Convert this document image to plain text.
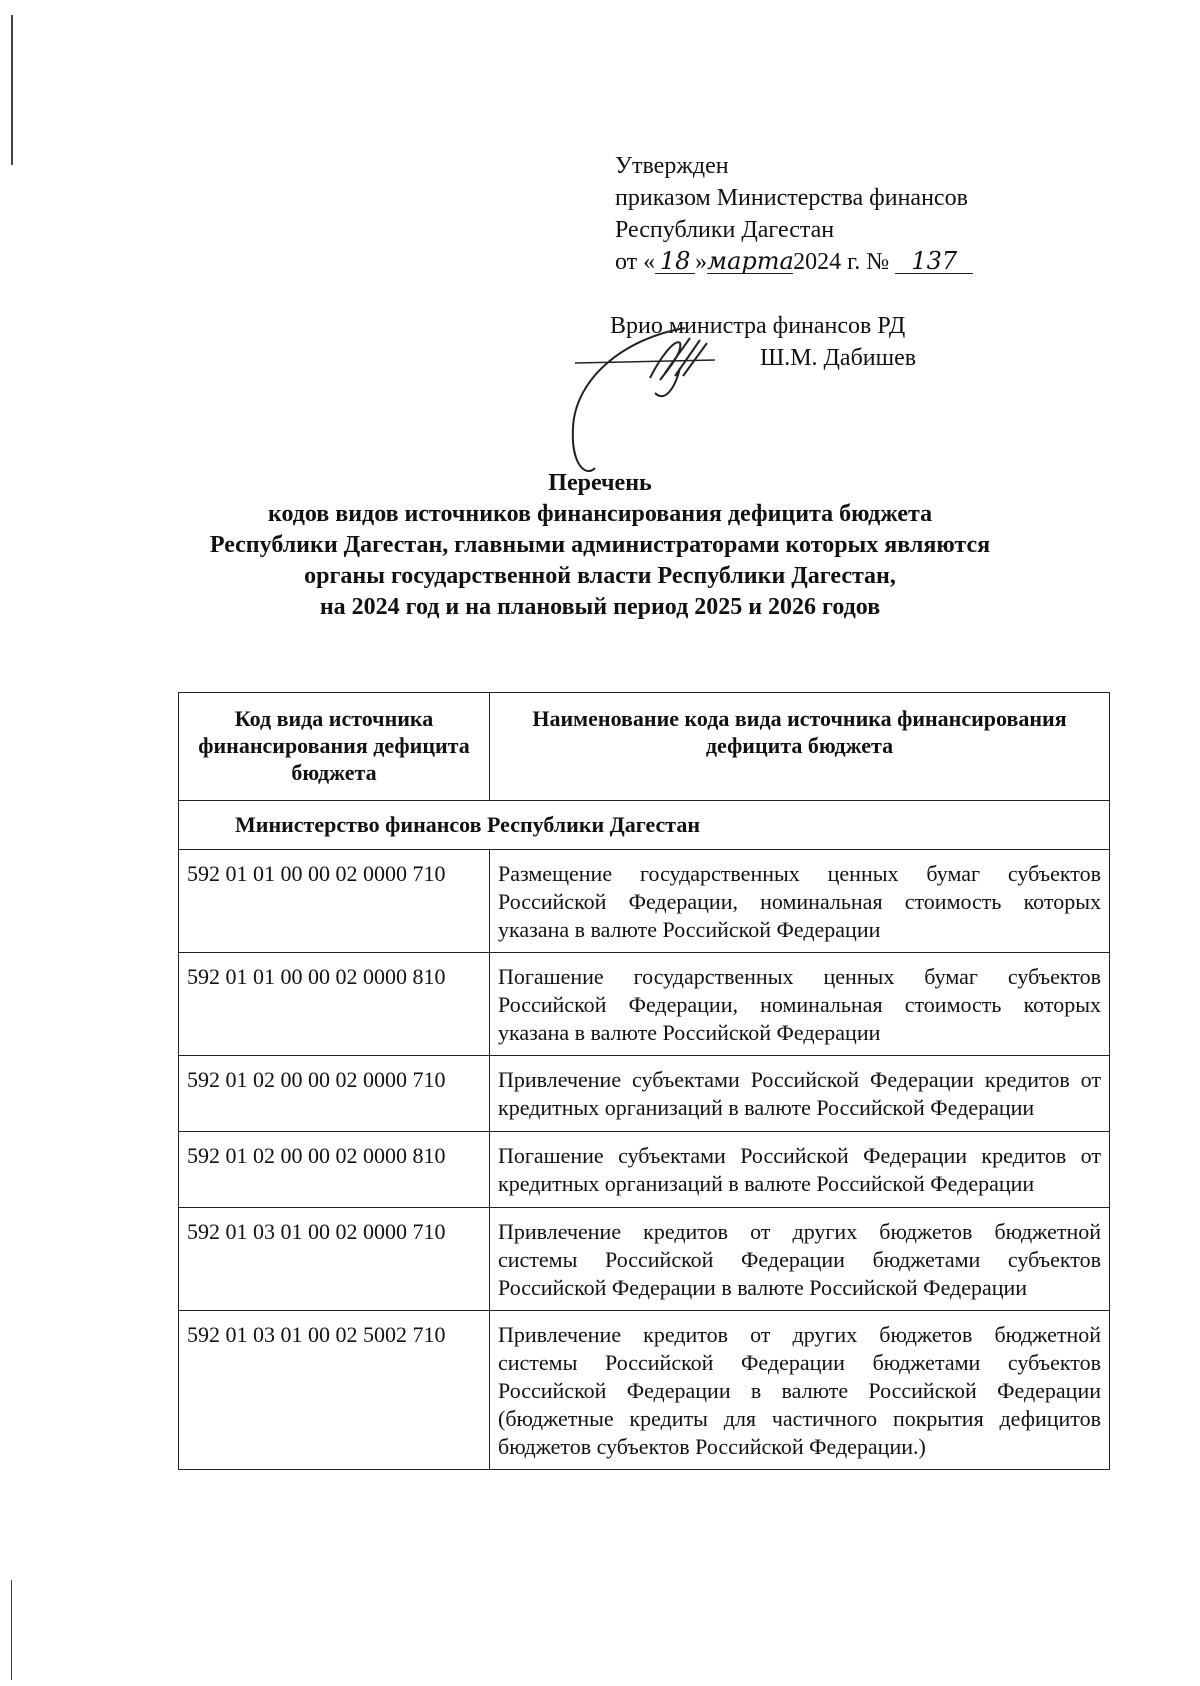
Утвержден
приказом Министерства финансов
Республики Дагестан
от « 18 »марта2024 г. № 137
Врио министра финансов РД
Ш.М. Дабишев
Перечень
кодов видов источников финансирования дефицита бюджета
Республики Дагестан, главными администраторами которых являются
органы государственной власти Республики Дагестан,
на 2024 год и на плановый период 2025 и 2026 годов
Код вида источника финансирования дефицита бюджета	Наименование кода вида источника финансирования дефицита бюджета
Министерство финансов Республики Дагестан	
592 01 01 00 00 02 0000 710	Размещение государственных ценных бумаг субъектов Российской Федерации, номинальная стоимость которых указана в валюте Российской Федерации
592 01 01 00 00 02 0000 810	Погашение государственных ценных бумаг субъектов Российской Федерации, номинальная стоимость которых указана в валюте Российской Федерации
592 01 02 00 00 02 0000 710	Привлечение субъектами Российской Федерации кредитов от кредитных организаций в валюте Российской Федерации
592 01 02 00 00 02 0000 810	Погашение субъектами Российской Федерации кредитов от кредитных организаций в валюте Российской Федерации
592 01 03 01 00 02 0000 710	Привлечение кредитов от других бюджетов бюджетной системы Российской Федерации бюджетами субъектов Российской Федерации в валюте Российской Федерации
592 01 03 01 00 02 5002 710	Привлечение кредитов от других бюджетов бюджетной системы Российской Федерации бюджетами субъектов Российской Федерации в валюте Российской Федерации (бюджетные кредиты для частичного покрытия дефицитов бюджетов субъектов Российской Федерации.)
